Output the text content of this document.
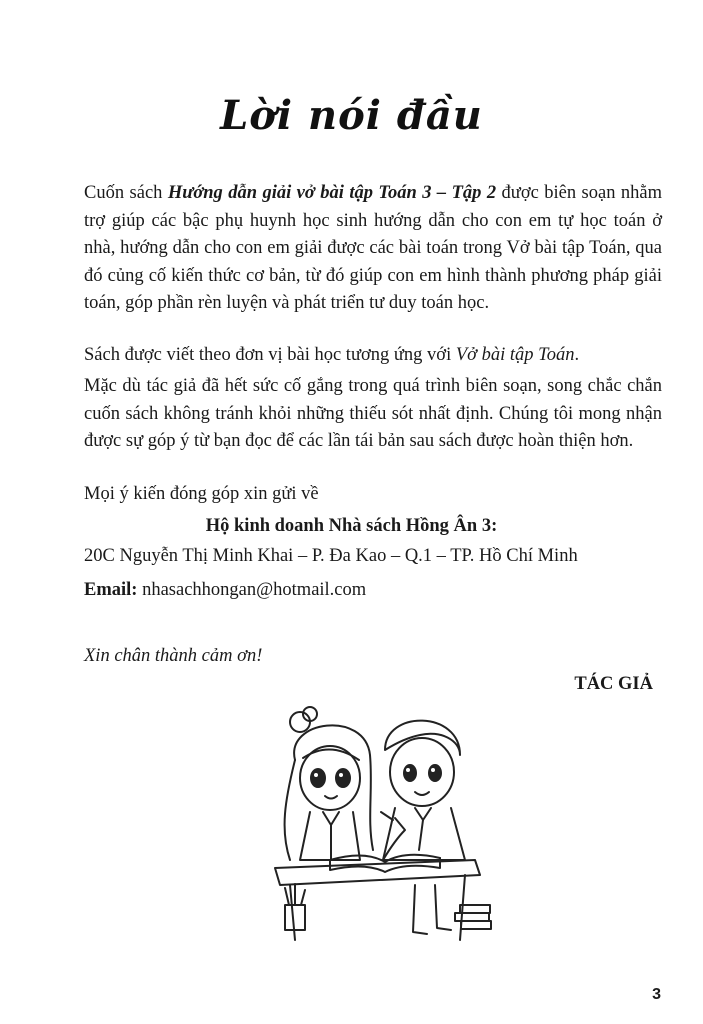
Lời nói đầu

Cuốn sách Hướng dẫn giải vở bài tập Toán 3 – Tập 2 được biên soạn nhằm trợ giúp các bậc phụ huynh học sinh hướng dẫn cho con em tự học toán ở nhà, hướng dẫn cho con em giải được các bài toán trong Vở bài tập Toán, qua đó củng cố kiến thức cơ bản, từ đó giúp con em hình thành phương pháp giải toán, góp phần rèn luyện và phát triển tư duy toán học.

Sách được viết theo đơn vị bài học tương ứng với Vở bài tập Toán.

Mặc dù tác giả đã hết sức cố gắng trong quá trình biên soạn, song chắc chắn cuốn sách không tránh khỏi những thiếu sót nhất định. Chúng tôi mong nhận được sự góp ý từ bạn đọc để các lần tái bản sau sách được hoàn thiện hơn.

Mọi ý kiến đóng góp xin gửi về

Hộ kinh doanh Nhà sách Hồng Ân 3:
20C Nguyễn Thị Minh Khai – P. Đa Kao – Q.1 – TP. Hồ Chí Minh
Email: nhasachhongan@hotmail.com
Xin chân thành cảm ơn!
TÁC GIẢ
3
